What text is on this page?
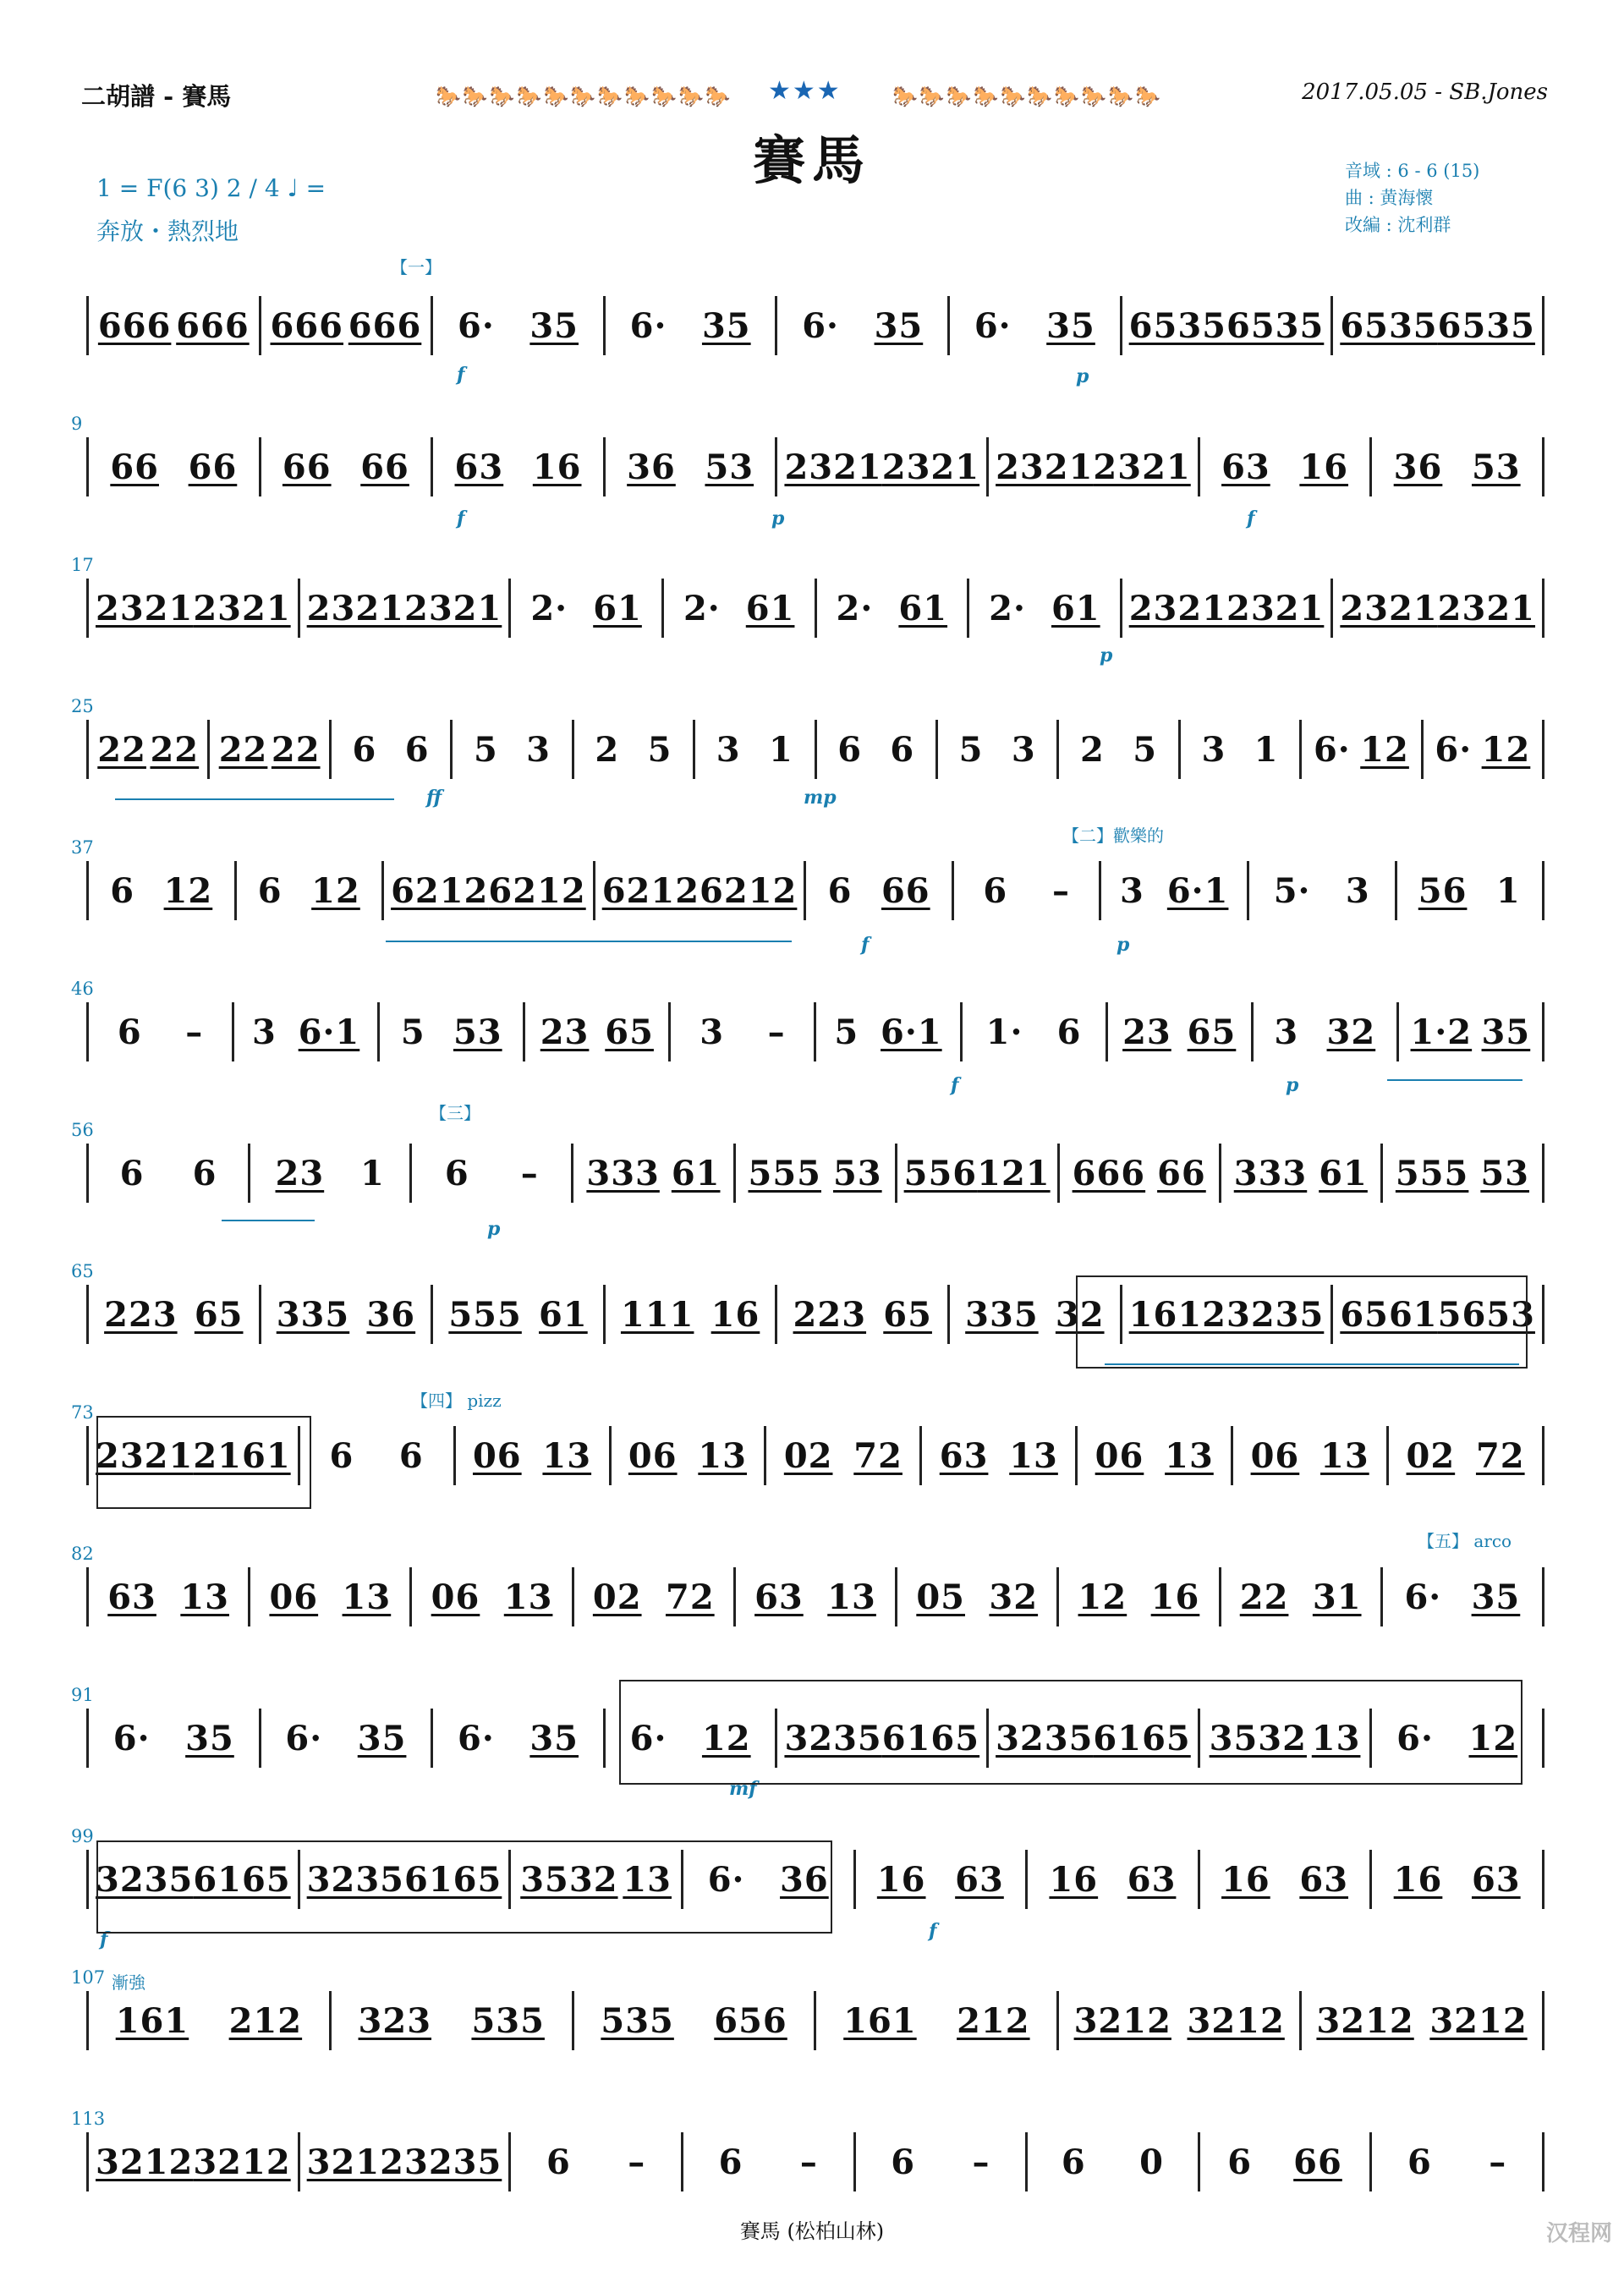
二胡譜 - 賽馬	2017.05.05 - SB.Jones
🐎🐎🐎🐎🐎🐎🐎🐎🐎🐎🐎 ★★★	🐎🐎🐎🐎🐎🐎🐎🐎🐎🐎
賽馬
1 = F(6 3) 2 / 4 ♩ =
奔放・熱烈地
音域 : 6 - 6 (15)
曲 : 黄海懷
改編 : 沈利群
666 666 666 666 6· 35 6· 35 6· 35 6· 35 6535 6535 6535 6535
9
66 66 66 66 63 16 36 53 2321 2321 2321 2321 63 16 36 53
17
2321 2321 2321 2321 2· 61 2· 61 2· 61 2· 61 2321 2321 2321 2321
25
22 22 22 22 6 6 5 3 2 5 3 1 6 6 5 3 2 5 3 1 6· 12 6· 12
37
6 12 6 12 6212 6212 6212 6212 6 66 6 – 3 6·1 5· 3 56 1
46
6 – 3 6·1 5 53 23 65 3 – 5 6·1 1· 6 23 65 3 32 1·2 35
56
6 6 23 1 6 – 333 61 555 53 556 121 666 66 333 61 555 53
65
223 65 335 36 555 61 111 16 223 65 335 32 1612 3235 6561 5653
73
2321 2161 6 6 06 13 06 13 02 72 63 13 06 13 06 13 02 72
82
63 13 06 13 06 13 02 72 63 13 05 32 12 16 22 31 6· 35
91
6· 35 6· 35 6· 35 6· 12 3235 6165 3235 6165 3532 13 6· 12
99
3235 6165 3235 6165 3532 13 6· 36 16 63 16 63 16 63 16 63
107
161 212 323 535 535 656 161 212 3212 3212 3212 3212
113
3212 3212 3212 3235 6 – 6 – 6 – 6 0 6 66 6 –
f	p
f	p	f
p
ff	mp
f	p
f	p
p
mf
f	f
【一】
【二】歡樂的
【三】
【四】 pizz
【五】 arco
漸強
賽馬 (松柏山林)	汉程网
